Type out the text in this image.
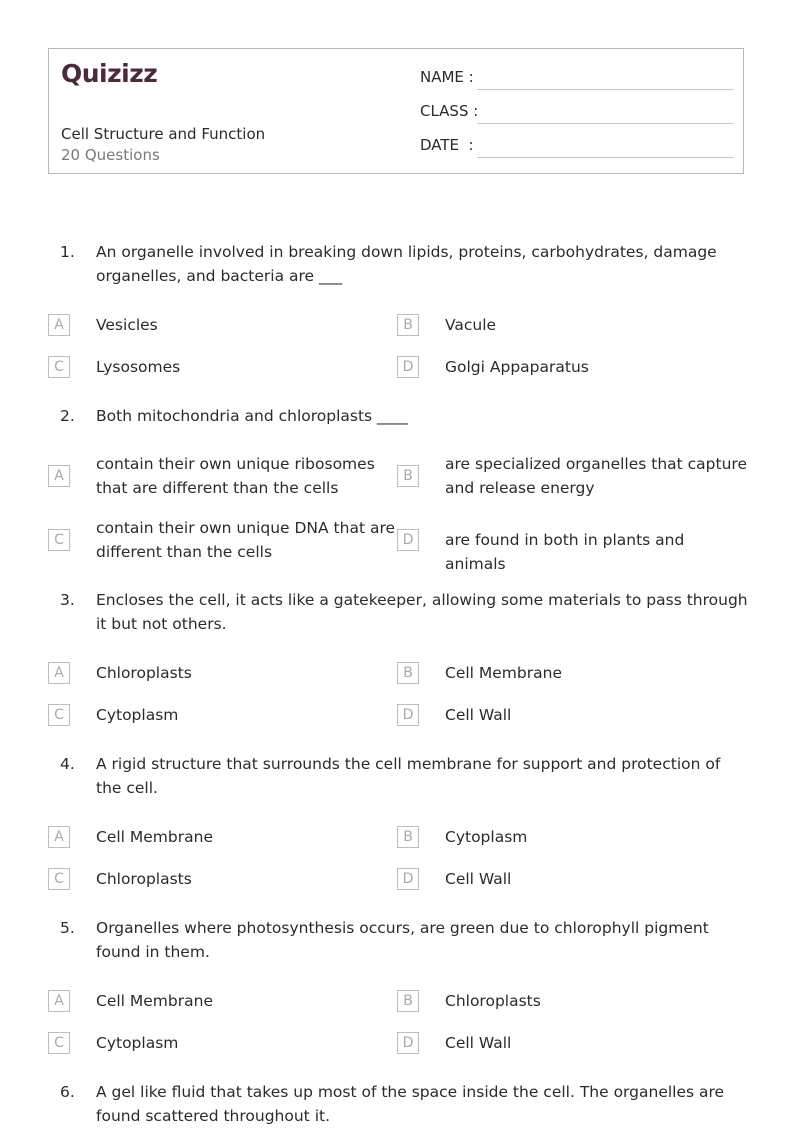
Quizizz
Cell Structure and Function
20 Questions
NAME :
CLASS :
DATE  :
1. An organelle involved in breaking down lipids, proteins, carbohydrates, damage organelles, and bacteria are ___
A	Vesicles	B	Vacule
C	Lysosomes	D	Golgi Appaparatus
2. Both mitochondria and chloroplasts ____
A
contain their own unique ribosomes that are different than the cells
B
are specialized organelles that capture and release energy
C
contain their own unique DNA that are different than the cells
D	are found in both in plants and animals
3. Encloses the cell, it acts like a gatekeeper, allowing some materials to pass through it but not others.
A	Chloroplasts	B	Cell Membrane
C	Cytoplasm	D	Cell Wall
4. A rigid structure that surrounds the cell membrane for support and protection of the cell.
A	Cell Membrane	B	Cytoplasm
C	Chloroplasts	D	Cell Wall
5. Organelles where photosynthesis occurs, are green due to chlorophyll pigment found in them.
A	Cell Membrane	B	Chloroplasts
C	Cytoplasm	D	Cell Wall
6. A gel like fluid that takes up most of the space inside the cell. The organelles are found scattered throughout it.
